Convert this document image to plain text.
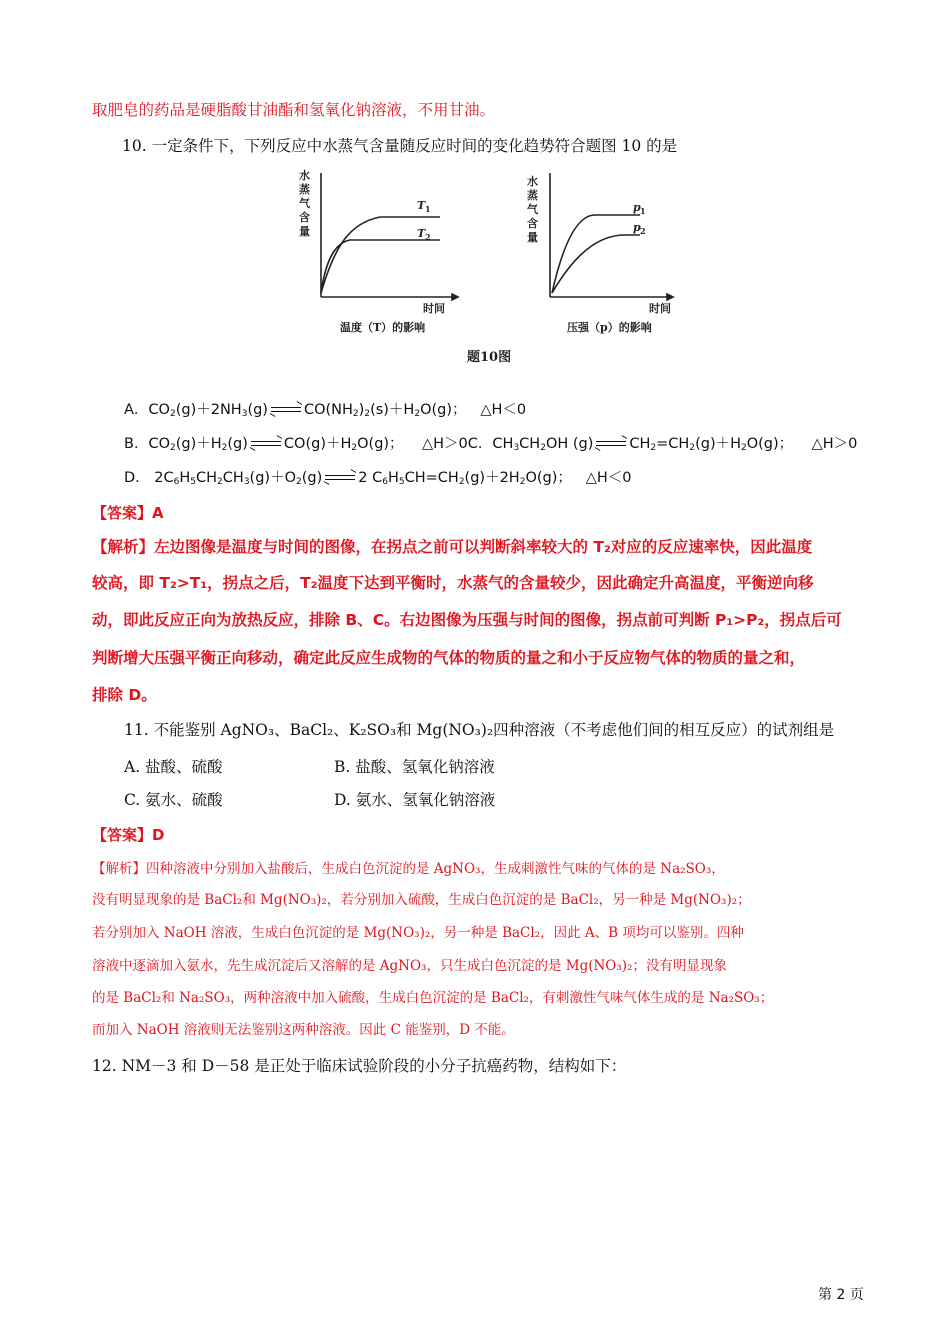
取肥皂的药品是硬脂酸甘油酯和氢氧化钠溶液，不用甘油。
10. 一定条件下，下列反应中水蒸气含量随反应时间的变化趋势符合题图 10 的是
水
蒸
气
含
量
水
蒸
气
含
量
时间	时间
温度（T）的影响	压强（p）的影响
T 1
T 2
p 1
p 2
题10图
A．$CO_2(g)+2NH_3(g)$ $CO(NH_2)_2(s)+H_2O(g)$；   △H＜0
B．$CO_2(g)+H_2(g)$ $CO(g)+H_2O(g)$；    △H＞0C．$CH_3CH_2OH$ (g) $CH_2=CH_2(g)+H_2O(g)$；    △H＞0
D． $2C_6H_5CH_2CH_3(g)+O_2(g)$ 2 $C_6H_5CH=CH_2(g)+2H_2O(g)$；   △H＜0
【答案】A
【解析】左边图像是温度与时间的图像，在拐点之前可以判断斜率较大的 T₂对应的反应速率快，因此温度
较高，即 T₂>T₁，拐点之后，T₂温度下达到平衡时，水蒸气的含量较少，因此确定升高温度，平衡逆向移
动，即此反应正向为放热反应，排除 B、C。右边图像为压强与时间的图像，拐点前可判断 P₁>P₂，拐点后可
判断增大压强平衡正向移动，确定此反应生成物的气体的物质的量之和小于反应物气体的物质的量之和，
排除 D。
11. 不能鉴别 AgNO₃、BaCl₂、K₂SO₃和 Mg(NO₃)₂四种溶液（不考虑他们间的相互反应）的试剂组是
A. 盐酸、硫酸	B. 盐酸、氢氧化钠溶液
C. 氨水、硫酸	D. 氨水、氢氧化钠溶液
【答案】D
【解析】四种溶液中分别加入盐酸后，生成白色沉淀的是 AgNO₃，生成刺激性气味的气体的是 Na₂SO₃，
没有明显现象的是 BaCl₂和 Mg(NO₃)₂，若分别加入硫酸，生成白色沉淀的是 BaCl₂，另一种是 Mg(NO₃)₂；
若分别加入 NaOH 溶液，生成白色沉淀的是 Mg(NO₃)₂，另一种是 BaCl₂，因此 A、B 项均可以鉴别。四种
溶液中逐滴加入氨水，先生成沉淀后又溶解的是 AgNO₃，只生成白色沉淀的是 Mg(NO₃)₂；没有明显现象
的是 BaCl₂和 Na₂SO₃，两种溶液中加入硫酸，生成白色沉淀的是 BaCl₂，有刺激性气味气体生成的是 Na₂SO₃；
而加入 NaOH 溶液则无法鉴别这两种溶液。因此 C 能鉴别，D 不能。
12. NM－3 和 D－58 是正处于临床试验阶段的小分子抗癌药物，结构如下：
第 2 页
